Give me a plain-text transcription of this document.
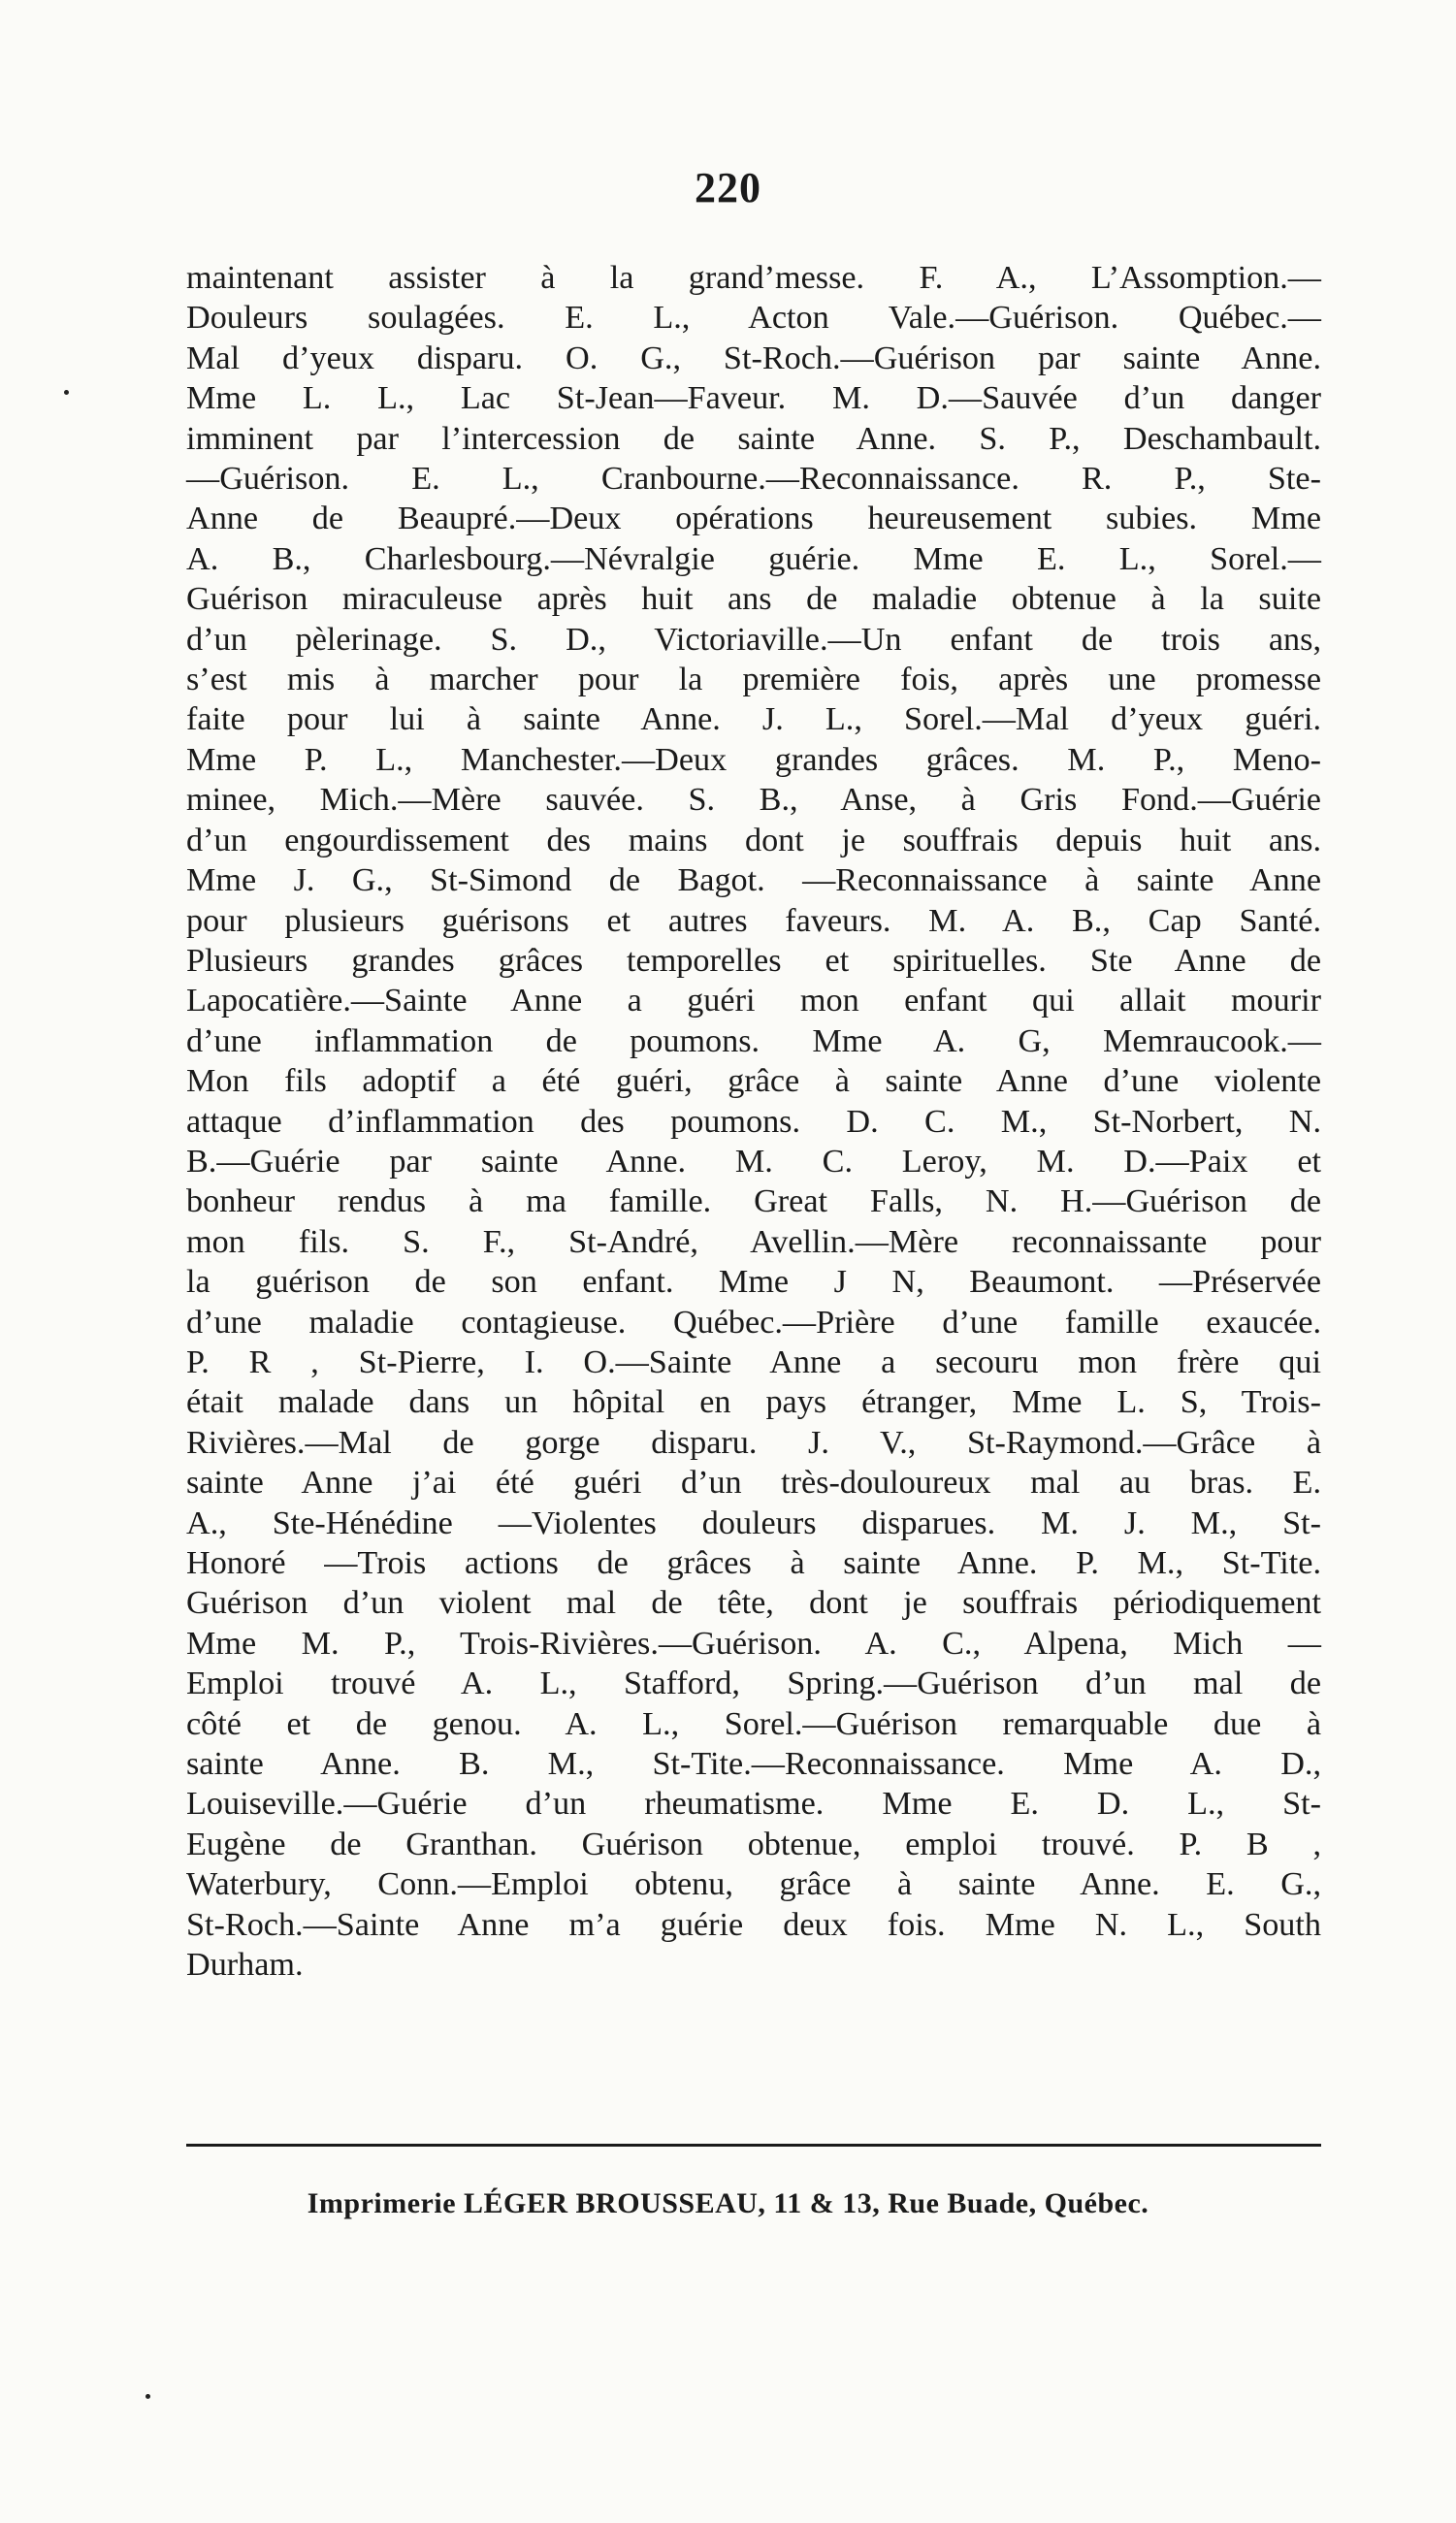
220
maintenant assister à la grand’messe. F. A., L’Assomption.—
Douleurs soulagées. E. L., Acton Vale.—Guérison. Québec.—
Mal d’yeux disparu. O. G., St-Roch.—Guérison par sainte Anne.
Mme L. L., Lac St-Jean—Faveur. M. D.—Sauvée d’un danger
imminent par l’intercession de sainte Anne. S. P., Deschambault.
—Guérison. E. L., Cranbourne.—Reconnaissance. R. P., Ste-
Anne de Beaupré.—Deux opérations heureusement subies. Mme
A. B., Charlesbourg.—Névralgie guérie. Mme E. L., Sorel.—
Guérison miraculeuse après huit ans de maladie obtenue à la suite
d’un pèlerinage. S. D., Victoriaville.—Un enfant de trois ans,
s’est mis à marcher pour la première fois, après une promesse
faite pour lui à sainte Anne. J. L., Sorel.—Mal d’yeux guéri.
Mme P. L., Manchester.—Deux grandes grâces. M. P., Meno-
minee, Mich.—Mère sauvée. S. B., Anse, à Gris Fond.—Guérie
d’un engourdissement des mains dont je souffrais depuis huit ans.
Mme J. G., St-Simond de Bagot. —Reconnaissance à sainte Anne
pour plusieurs guérisons et autres faveurs. M. A. B., Cap Santé.
Plusieurs grandes grâces temporelles et spirituelles. Ste Anne de
Lapocatière.—Sainte Anne a guéri mon enfant qui allait mourir
d’une inflammation de poumons. Mme A. G, Memraucook.—
Mon fils adoptif a été guéri, grâce à sainte Anne d’une violente
attaque d’inflammation des poumons. D. C. M., St-Norbert, N.
B.—Guérie par sainte Anne. M. C. Leroy, M. D.—Paix et
bonheur rendus à ma famille. Great Falls, N. H.—Guérison de
mon fils. S. F., St-André, Avellin.—Mère reconnaissante pour
la guérison de son enfant. Mme J N, Beaumont. —Préservée
d’une maladie contagieuse. Québec.—Prière d’une famille exaucée.
P. R , St-Pierre, I. O.—Sainte Anne a secouru mon frère qui
était malade dans un hôpital en pays étranger, Mme L. S, Trois-
Rivières.—Mal de gorge disparu. J. V., St-Raymond.—Grâce à
sainte Anne j’ai été guéri d’un très-douloureux mal au bras. E.
A., Ste-Hénédine —Violentes douleurs disparues. M. J. M., St-
Honoré —Trois actions de grâces à sainte Anne. P. M., St-Tite.
Guérison d’un violent mal de tête, dont je souffrais périodiquement
Mme M. P., Trois-Rivières.—Guérison. A. C., Alpena, Mich —
Emploi trouvé A. L., Stafford, Spring.—Guérison d’un mal de
côté et de genou. A. L., Sorel.—Guérison remarquable due à
sainte Anne. B. M., St-Tite.—Reconnaissance. Mme A. D.,
Louiseville.—Guérie d’un rheumatisme. Mme E. D. L., St-
Eugène de Granthan. Guérison obtenue, emploi trouvé. P. B ,
Waterbury, Conn.—Emploi obtenu, grâce à sainte Anne. E. G.,
St-Roch.—Sainte Anne m’a guérie deux fois. Mme N. L., South
Durham.
Imprimerie LÉGER BROUSSEAU, 11 & 13, Rue Buade, Québec.
